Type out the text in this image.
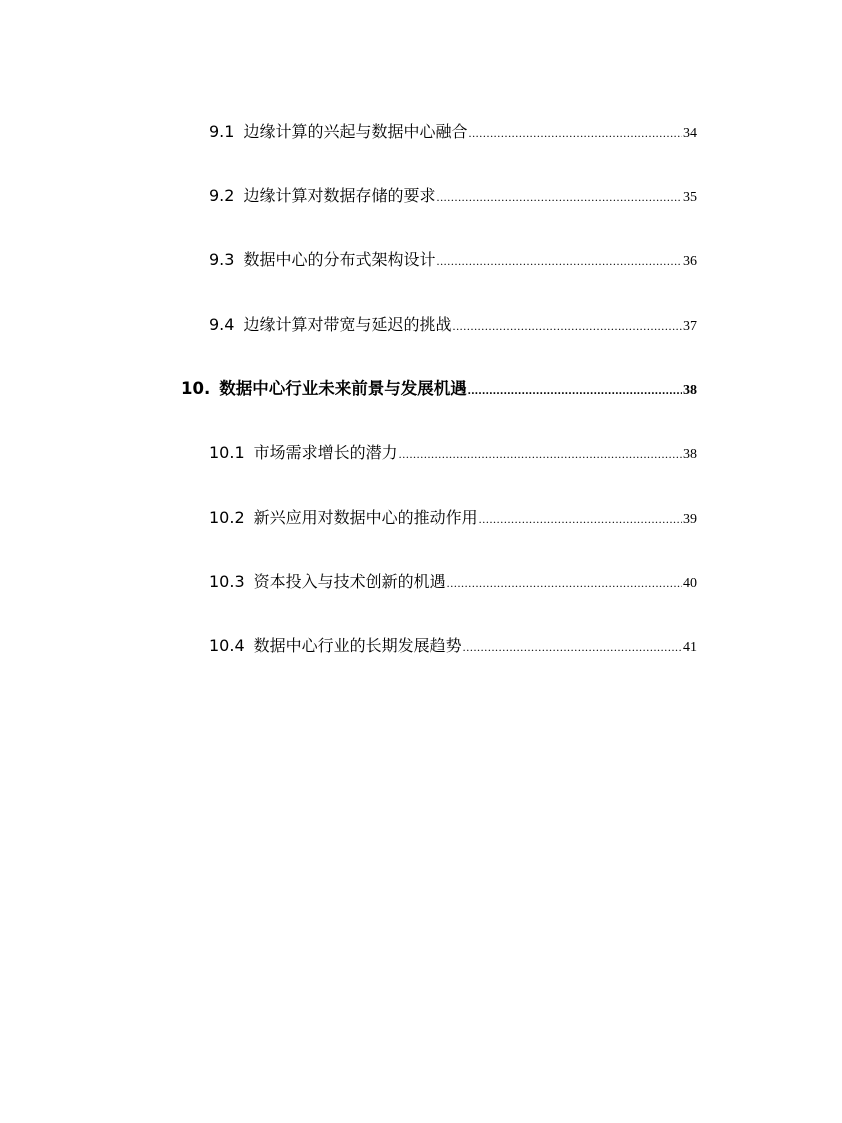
9.1 边缘计算的兴起与数据中心融合 .....	34
9.2 边缘计算对数据存储的要求 .....	35
9.3 数据中心的分布式架构设计 .....	36
9.4 边缘计算对带宽与延迟的挑战 .....	37
10. 数据中心行业未来前景与发展机遇 .....	38
10.1 市场需求增长的潜力 .....	38
10.2 新兴应用对数据中心的推动作用 .....	39
10.3 资本投入与技术创新的机遇 .....	40
10.4 数据中心行业的长期发展趋势 .....	41
